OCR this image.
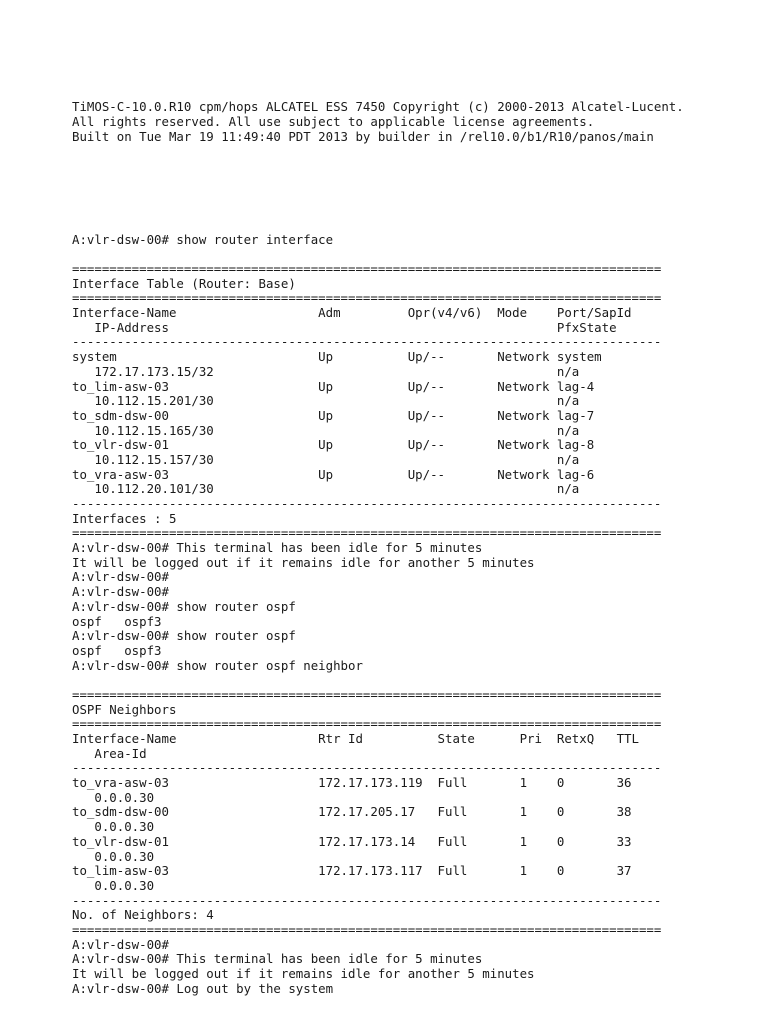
TiMOS-C-10.0.R10 cpm/hops ALCATEL ESS 7450 Copyright (c) 2000-2013 Alcatel-Lucent.
All rights reserved. All use subject to applicable license agreements.
Built on Tue Mar 19 11:49:40 PDT 2013 by builder in /rel10.0/b1/R10/panos/main

A:vlr-dsw-00# show router interface
===============================================================================
Interface Table (Router: Base)
===============================================================================
Interface-Name                   Adm         Opr(v4/v6)  Mode    Port/SapId
IP-Address                                                    PfxState
-------------------------------------------------------------------------------
system                           Up          Up/--       Network system
172.17.173.15/32                                              n/a
to_lim-asw-03                    Up          Up/--       Network lag-4
10.112.15.201/30                                              n/a
to_sdm-dsw-00                    Up          Up/--       Network lag-7
10.112.15.165/30                                              n/a
to_vlr-dsw-01                    Up          Up/--       Network lag-8
10.112.15.157/30                                              n/a
to_vra-asw-03                    Up          Up/--       Network lag-6
10.112.20.101/30                                              n/a
-------------------------------------------------------------------------------
Interfaces : 5
===============================================================================
A:vlr-dsw-00# This terminal has been idle for 5 minutes
It will be logged out if it remains idle for another 5 minutes
A:vlr-dsw-00#
A:vlr-dsw-00#
A:vlr-dsw-00# show router ospf
ospf   ospf3
A:vlr-dsw-00# show router ospf
ospf   ospf3
A:vlr-dsw-00# show router ospf neighbor
===============================================================================
OSPF Neighbors
===============================================================================
Interface-Name                   Rtr Id          State      Pri  RetxQ   TTL
Area-Id
-------------------------------------------------------------------------------
to_vra-asw-03                    172.17.173.119  Full       1    0       36
0.0.0.30
to_sdm-dsw-00                    172.17.205.17   Full       1    0       38
0.0.0.30
to_vlr-dsw-01                    172.17.173.14   Full       1    0       33
0.0.0.30
to_lim-asw-03                    172.17.173.117  Full       1    0       37
0.0.0.30
-------------------------------------------------------------------------------
No. of Neighbors: 4
===============================================================================
A:vlr-dsw-00#
A:vlr-dsw-00# This terminal has been idle for 5 minutes
It will be logged out if it remains idle for another 5 minutes
A:vlr-dsw-00# Log out by the system
